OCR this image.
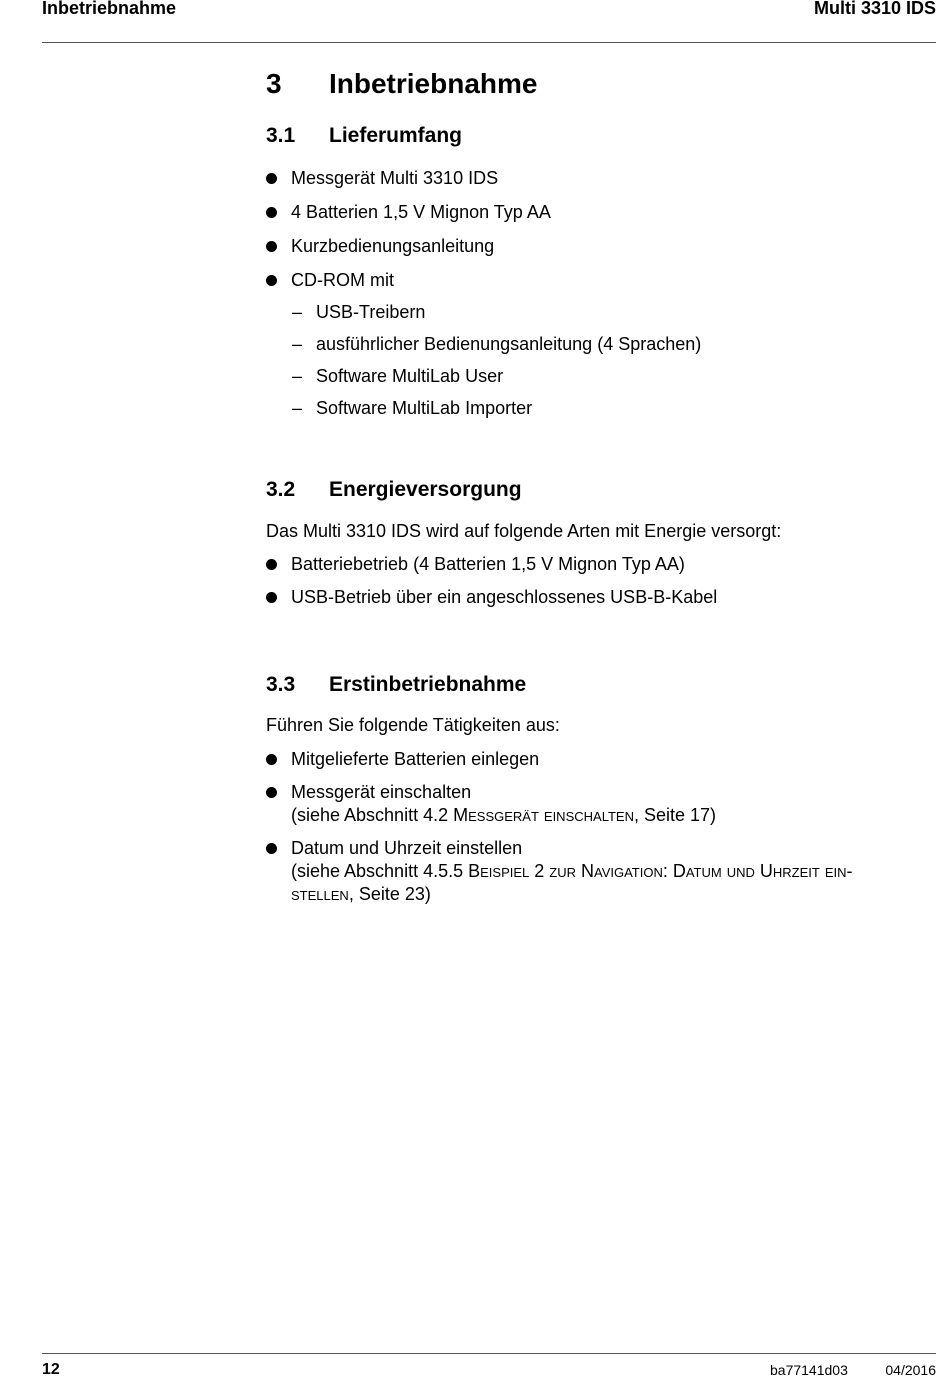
Inbetriebnahme	Multi 3310 IDS
3 Inbetriebnahme
3.1 Lieferumfang
Messgerät Multi 3310 IDS
4 Batterien 1,5 V Mignon Typ AA
Kurzbedienungsanleitung
CD-ROM mit
– USB-Treibern
– ausführlicher Bedienungsanleitung (4 Sprachen)
– Software MultiLab User
– Software MultiLab Importer
3.2 Energieversorgung
Das Multi 3310 IDS wird auf folgende Arten mit Energie versorgt:
Batteriebetrieb (4 Batterien 1,5 V Mignon Typ AA)
USB-Betrieb über ein angeschlossenes USB-B-Kabel
3.3 Erstinbetriebnahme
Führen Sie folgende Tätigkeiten aus:
Mitgelieferte Batterien einlegen
Messgerät einschalten
(siehe Abschnitt 4.2 Messgerät einschalten, Seite 17)
Datum und Uhrzeit einstellen
(siehe Abschnitt 4.5.5 Beispiel 2 zur Navigation: Datum und Uhrzeit ein-
stellen, Seite 23)
12	ba77141d03	04/2016
